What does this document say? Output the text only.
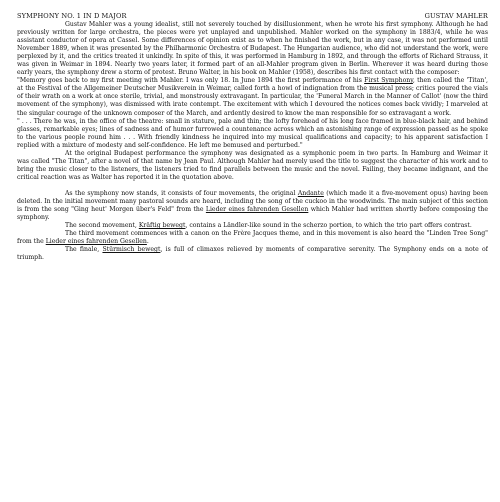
SYMPHONY NO. 1 IN D MAJOR	GUSTAV MAHLER

Gustav Mahler was a young idealist, still not severely touched by disillusionment, when he wrote his first symphony. Although he had previously written for large orchestra, the pieces were yet unplayed and unpublished. Mahler worked on the symphony in 1883/4, while he was assistant conductor of opera at Cassel. Some differences of opinion exist as to when he finished the work, but in any case, it was not performed until November 1889, when it was presented by the Philharmonic Orchestra of Budapest. The Hungarian audience, who did not understand the work, were perplexed by it, and the critics treated it unkindly. In spite of this, it was performed in Hamburg in 1892, and through the efforts of Richard Strauss, it was given in Weimar in 1894. Nearly two years later, it formed part of an all-Mahler program given in Berlin. Wherever it was heard during those early years, the symphony drew a storm of protest. Bruno Walter, in his book on Mahler (1958), describes his first contact with the composer:

"Memory goes back to my first meeting with Mahler. I was only 18. In June 1894 the first performance of his First Symphony, then called the 'Titan', at the Festival of the Allgemeiner Deutscher Musikverein in Weimar, called forth a howl of indignation from the musical press; critics poured the vials of their wrath on a work at once sterile, trivial, and monstrously extravagant. In particular, the 'Funeral March in the Manner of Callot' (now the third movement of the symphony), was dismissed with irate contempt. The excitement with which I devoured the notices comes back vividly; I marveled at the singular courage of the unknown composer of the March, and ardently desired to know the man responsible for so extravagant a work.

" . . . There he was, in the office of the theatre: small in stature, pale and thin; the lofty forehead of his long face framed in blue-black hair, and behind glasses, remarkable eyes; lines of sadness and of humor furrowed a countenance across which an astonishing range of expression passed as he spoke to the various people round him . . . With friendly kindness he inquired into my musical qualifications and capacity; to his apparent satisfaction I replied with a mixture of modesty and self-confidence. He left me bemused and perturbed."

At the original Budapest performance the symphony was designated as a symphonic poem in two parts. In Hamburg and Weimar it was called "The Titan", after a novel of that name by Jean Paul. Although Mahler had merely used the title to suggest the character of his work and to bring the music closer to the listeners, the listeners tried to find parallels between the music and the novel. Failing, they became indignant, and the critical reaction was as Walter has reported it in the quotation above.

As the symphony now stands, it consists of four movements, the original Andante (which made it a five-movement opus) having been deleted. In the initial movement many pastoral sounds are heard, including the song of the cuckoo in the woodwinds. The main subject of this section is from the song "Ging heut' Morgen über's Feld" from the Lieder eines fahrenden Gesellen which Mahler had written shortly before composing the symphony.

The second movement, Kräftig bewegt, contains a Ländler-like sound in the scherzo portion, to which the trio part offers contrast.

The third movement commences with a canon on the Frère Jacques theme, and in this movement is also heard the "Linden Tree Song" from the Lieder eines fahrenden Gesellen.

The finale, Stürmisch bewegt, is full of climaxes relieved by moments of comparative serenity. The Symphony ends on a note of triumph.
